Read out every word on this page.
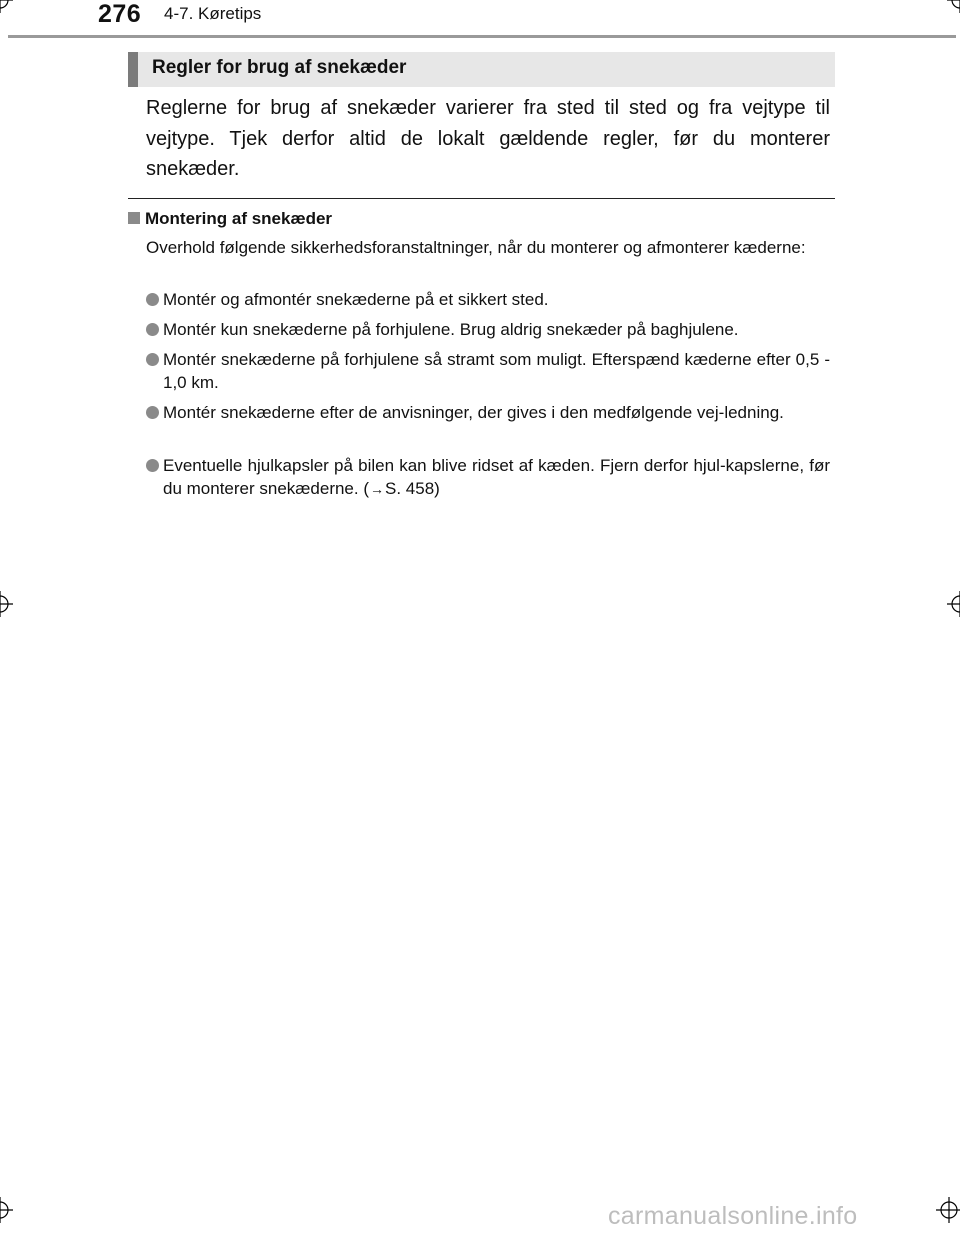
276 4-7. Køretips
Regler for brug af snekæder
Reglerne for brug af snekæder varierer fra sted til sted og fra vejtype til vejtype. Tjek derfor altid de lokalt gældende regler, før du monterer snekæder.
Montering af snekæder
Overhold følgende sikkerhedsforanstaltninger, når du monterer og afmonterer kæderne:
Montér og afmontér snekæderne på et sikkert sted.
Montér kun snekæderne på forhjulene. Brug aldrig snekæder på baghjulene.
Montér snekæderne på forhjulene så stramt som muligt. Efterspænd kæderne efter 0,5 - 1,0 km.
Montér snekæderne efter de anvisninger, der gives i den medfølgende vej-ledning.
Eventuelle hjulkapsler på bilen kan blive ridset af kæden. Fjern derfor hjul-kapslerne, før du monterer snekæderne. (→S. 458)
carmanualsonline.info
